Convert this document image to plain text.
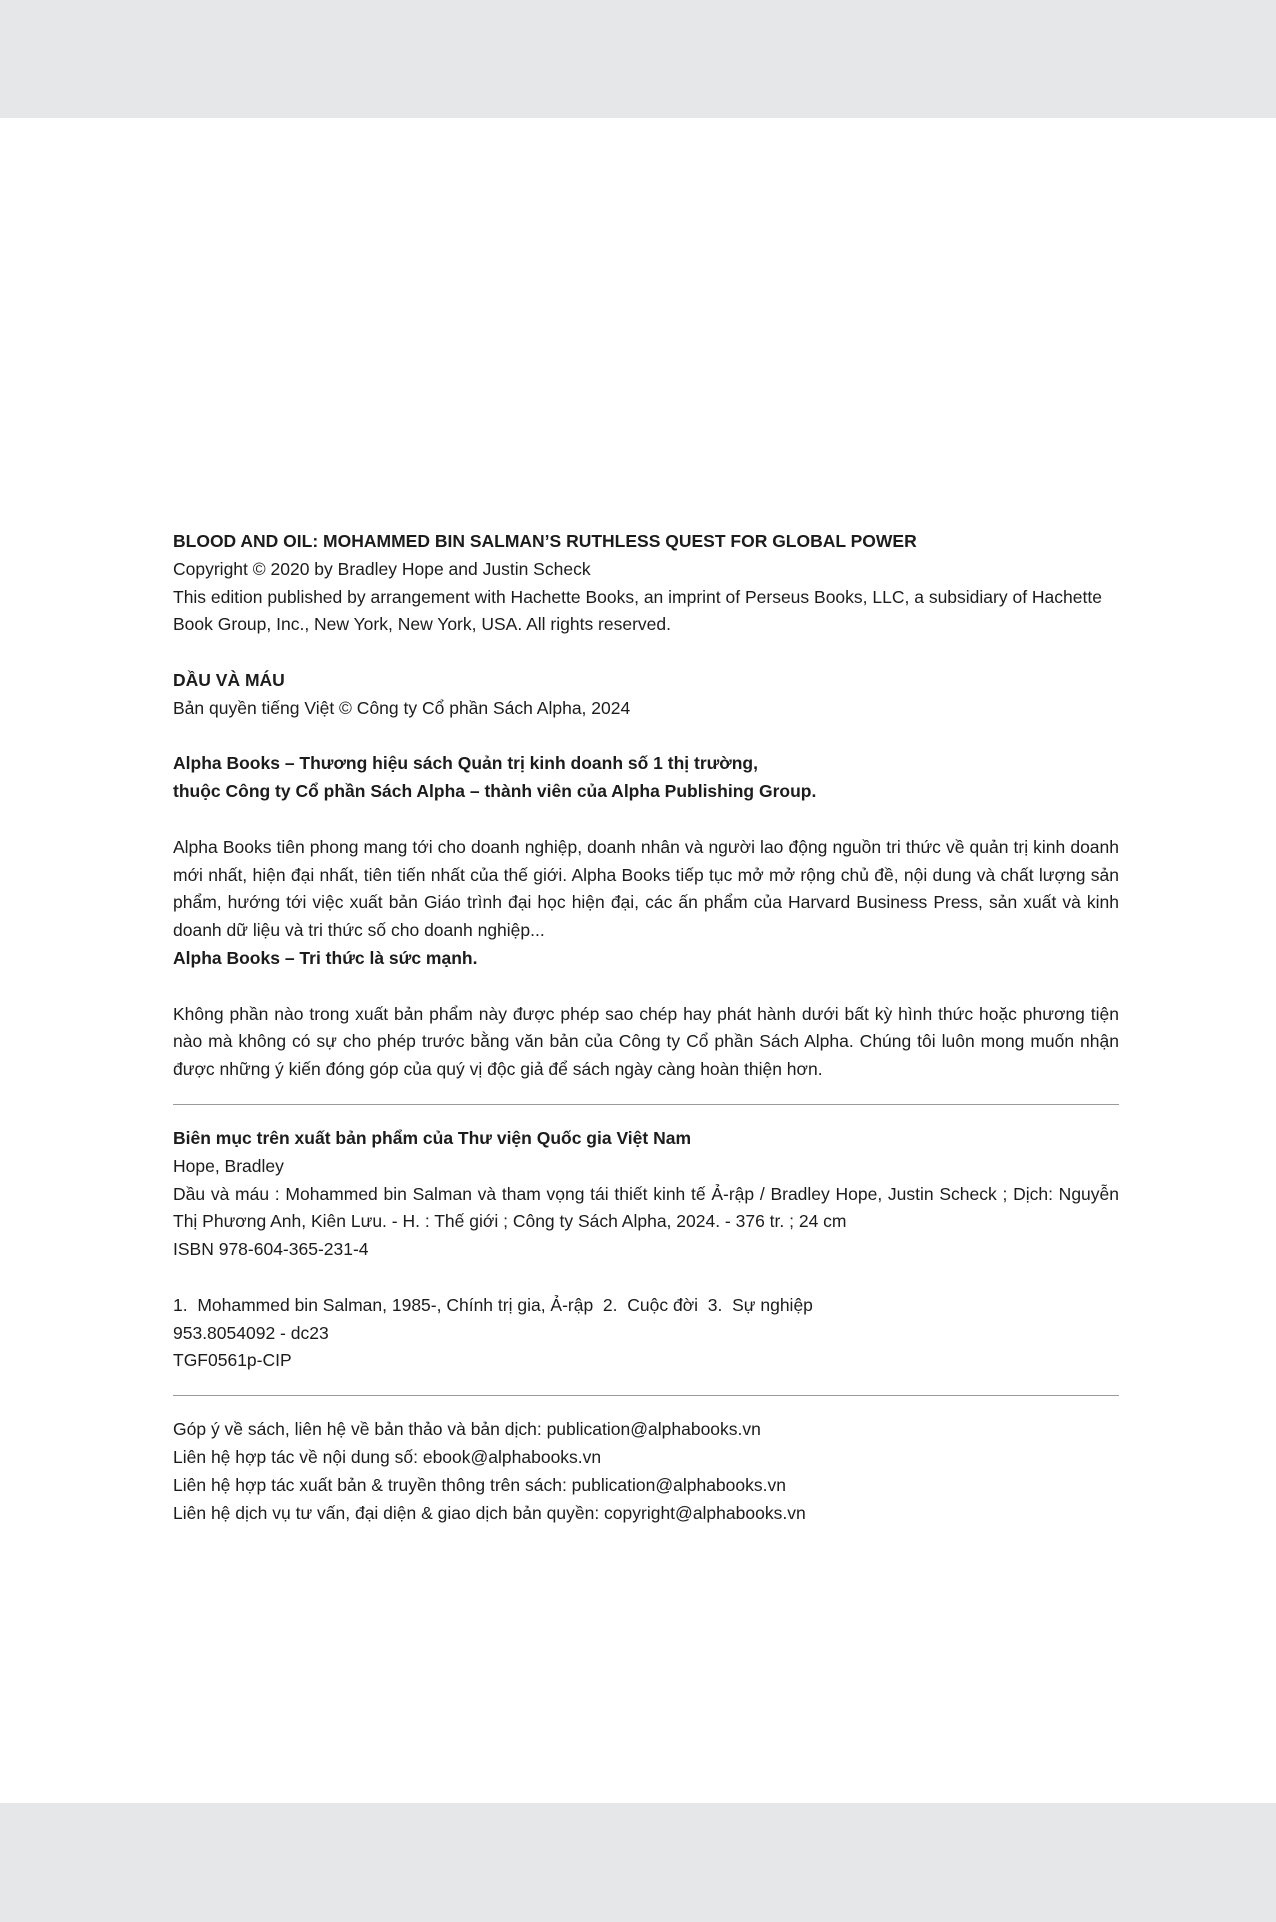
BLOOD AND OIL: MOHAMMED BIN SALMAN’S RUTHLESS QUEST FOR GLOBAL POWER

Copyright © 2020 by Bradley Hope and Justin Scheck

This edition published by arrangement with Hachette Books, an imprint of Perseus Books, LLC, a subsidiary of Hachette Book Group, Inc., New York, New York, USA. All rights reserved.

DẦU VÀ MÁU

Bản quyền tiếng Việt © Công ty Cổ phần Sách Alpha, 2024

Alpha Books – Thương hiệu sách Quản trị kinh doanh số 1 thị trường,

thuộc Công ty Cổ phần Sách Alpha – thành viên của Alpha Publishing Group.

Alpha Books tiên phong mang tới cho doanh nghiệp, doanh nhân và người lao động nguồn tri thức về quản trị kinh doanh mới nhất, hiện đại nhất, tiên tiến nhất của thế giới. Alpha Books tiếp tục mở mở rộng chủ đề, nội dung và chất lượng sản phẩm, hướng tới việc xuất bản Giáo trình đại học hiện đại, các ấn phẩm của Harvard Business Press, sản xuất và kinh doanh dữ liệu và tri thức số cho doanh nghiệp...

Alpha Books – Tri thức là sức mạnh.

Không phần nào trong xuất bản phẩm này được phép sao chép hay phát hành dưới bất kỳ hình thức hoặc phương tiện nào mà không có sự cho phép trước bằng văn bản của Công ty Cổ phần Sách Alpha. Chúng tôi luôn mong muốn nhận được những ý kiến đóng góp của quý vị độc giả để sách ngày càng hoàn thiện hơn.

Biên mục trên xuất bản phẩm của Thư viện Quốc gia Việt Nam

Hope, Bradley

Dầu và máu : Mohammed bin Salman và tham vọng tái thiết kinh tế Ả-rập / Bradley Hope, Justin Scheck ; Dịch: Nguyễn Thị Phương Anh, Kiên Lưu. - H. : Thế giới ; Công ty Sách Alpha, 2024. - 376 tr. ; 24 cm

ISBN 978-604-365-231-4

1.  Mohammed bin Salman, 1985-, Chính trị gia, Ả-rập  2.  Cuộc đời  3.  Sự nghiệp

953.8054092 - dc23

TGF0561p-CIP

Góp ý về sách, liên hệ về bản thảo và bản dịch: publication@alphabooks.vn

Liên hệ hợp tác về nội dung số: ebook@alphabooks.vn

Liên hệ hợp tác xuất bản & truyền thông trên sách: publication@alphabooks.vn

Liên hệ dịch vụ tư vấn, đại diện & giao dịch bản quyền: copyright@alphabooks.vn
